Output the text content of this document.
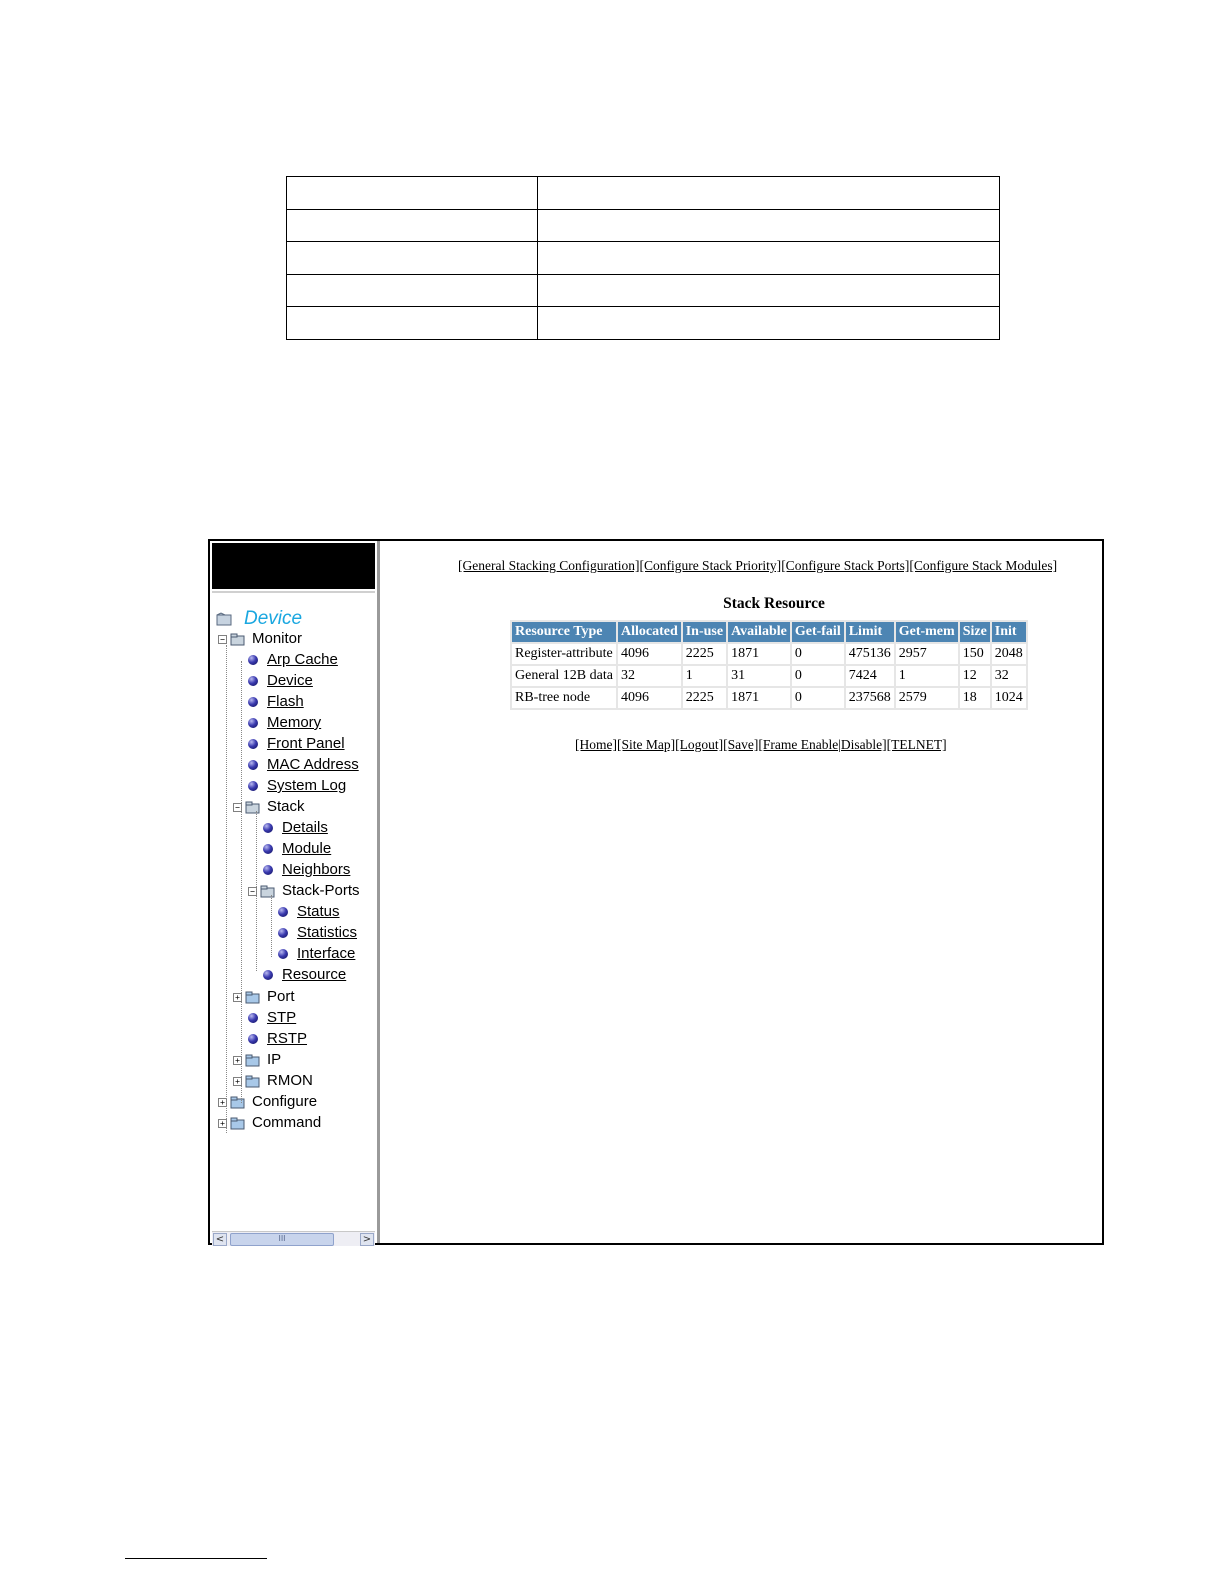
Device
− Monitor
Arp Cache
Device
Flash
Memory
Front Panel
MAC Address
System Log
− Stack
Details
Module
Neighbors
− Stack-Ports
Status
Statistics
Interface
Resource
+ Port
STP
RSTP
+ IP
+ RMON
+ Configure
+ Command
<	III	>
[General Stacking Configuration][Configure Stack Priority][Configure Stack Ports][Configure Stack Modules]
Stack Resource
Resource Type	Allocated	In-use	Available	Get-fail	Limit	Get-mem	Size	Init
Register-attribute	4096	2225	1871	0	475136	2957	150	2048
General 12B data	32	1	31	0	7424	1	12	32
RB-tree node	4096	2225	1871	0	237568	2579	18	1024
[Home][Site Map][Logout][Save][Frame Enable|Disable][TELNET]
